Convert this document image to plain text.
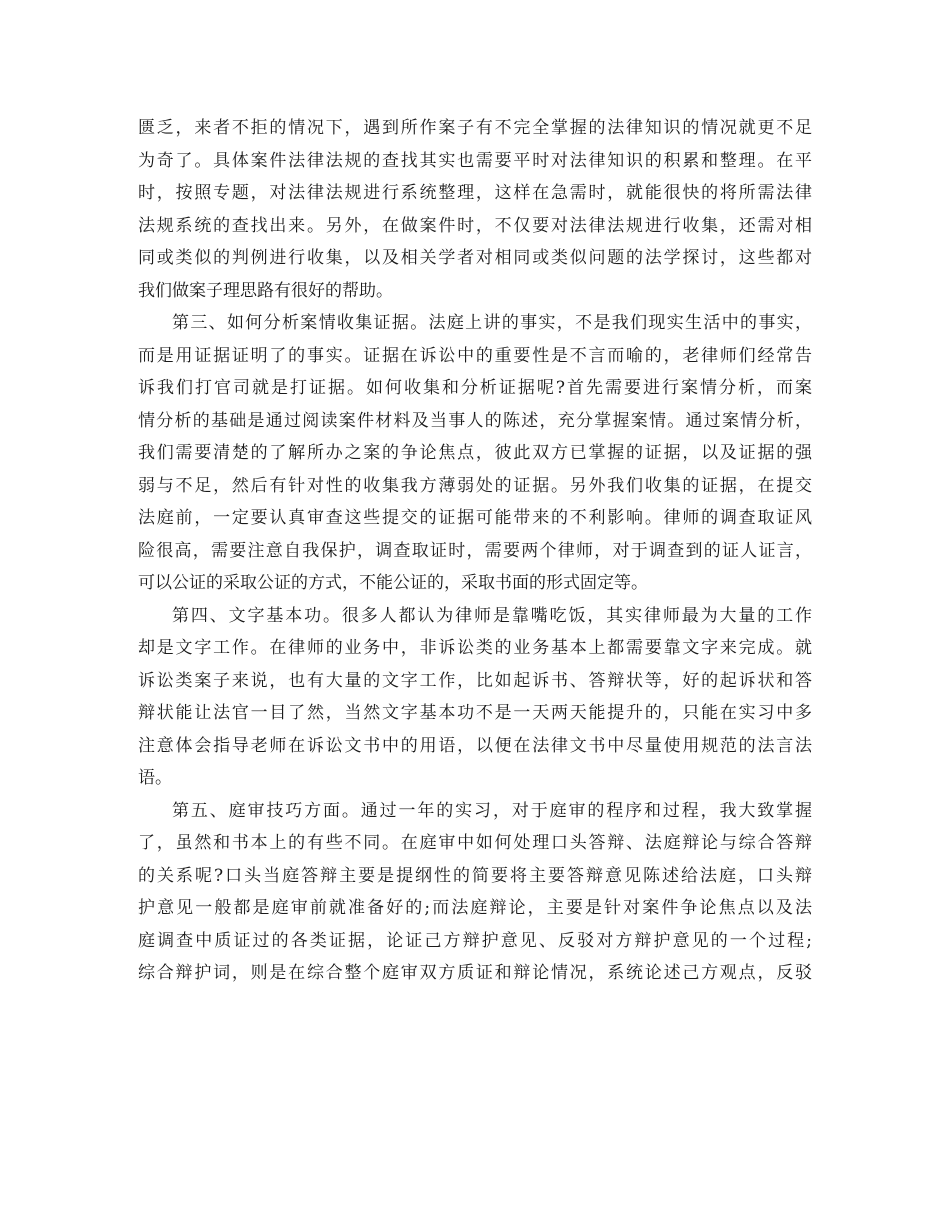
匮乏，来者不拒的情况下，遇到所作案子有不完全掌握的法律知识的情况就更不足
为奇了。具体案件法律法规的查找其实也需要平时对法律知识的积累和整理。在平
时，按照专题，对法律法规进行系统整理，这样在急需时，就能很快的将所需法律
法规系统的查找出来。另外，在做案件时，不仅要对法律法规进行收集，还需对相
同或类似的判例进行收集，以及相关学者对相同或类似问题的法学探讨，这些都对
我们做案子理思路有很好的帮助。
第三、如何分析案情收集证据。法庭上讲的事实，不是我们现实生活中的事实，
而是用证据证明了的事实。证据在诉讼中的重要性是不言而喻的，老律师们经常告
诉我们打官司就是打证据。如何收集和分析证据呢?首先需要进行案情分析，而案
情分析的基础是通过阅读案件材料及当事人的陈述，充分掌握案情。通过案情分析，
我们需要清楚的了解所办之案的争论焦点，彼此双方已掌握的证据，以及证据的强
弱与不足，然后有针对性的收集我方薄弱处的证据。另外我们收集的证据，在提交
法庭前，一定要认真审查这些提交的证据可能带来的不利影响。律师的调查取证风
险很高，需要注意自我保护，调查取证时，需要两个律师，对于调查到的证人证言，
可以公证的采取公证的方式，不能公证的，采取书面的形式固定等。
第四、文字基本功。很多人都认为律师是靠嘴吃饭，其实律师最为大量的工作
却是文字工作。在律师的业务中，非诉讼类的业务基本上都需要靠文字来完成。就
诉讼类案子来说，也有大量的文字工作，比如起诉书、答辩状等，好的起诉状和答
辩状能让法官一目了然，当然文字基本功不是一天两天能提升的，只能在实习中多
注意体会指导老师在诉讼文书中的用语，以便在法律文书中尽量使用规范的法言法
语。
第五、庭审技巧方面。通过一年的实习，对于庭审的程序和过程，我大致掌握
了，虽然和书本上的有些不同。在庭审中如何处理口头答辩、法庭辩论与综合答辩
的关系呢?口头当庭答辩主要是提纲性的简要将主要答辩意见陈述给法庭，口头辩
护意见一般都是庭审前就准备好的;而法庭辩论，主要是针对案件争论焦点以及法
庭调查中质证过的各类证据，论证己方辩护意见、反驳对方辩护意见的一个过程;
综合辩护词，则是在综合整个庭审双方质证和辩论情况，系统论述己方观点，反驳
